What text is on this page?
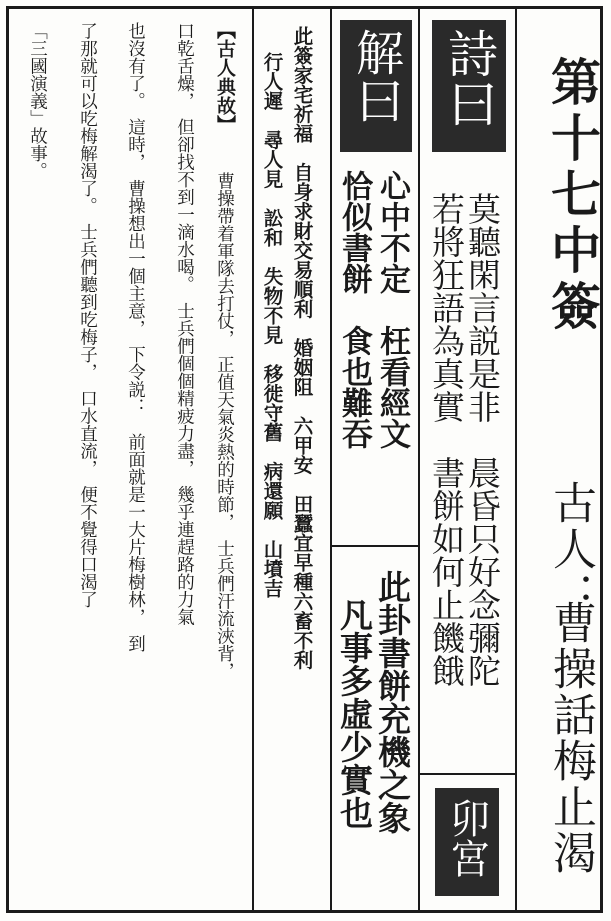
第十七中簽
古人：
曹操話梅止渴
詩曰
莫聽閑言説是非　晨昏只好念彌陀
若將狂語為真實　書餅如何止饑餓
卯宮
解曰
心中不定　枉看經文
恰似書餅　食也難吞
此卦書餅充機之象
凡事多虛少實也
此簽家宅祈福　自身求財交易順利　婚姻阻　六甲安　田蠶宜早種六畜不利
行人遲　尋人見　訟和　失物不見　移徙守舊　病還願　山墳吉
【古人典故】
曹操帶着軍隊去打仗，　正值天氣炎熱的時節，　士兵們汗流浹背，
口乾舌燥，　但卻找不到一滴水喝。　士兵們個個精疲力盡，　幾乎連趕路的力氣
也沒有了。　這時，　曹操想出一個主意，　下令説：　前面就是一大片梅樹林，　到
了那就可以吃梅解渴了。　士兵們聽到吃梅子，　口水直流，　便不覺得口渴了
「三國演義」故事。
